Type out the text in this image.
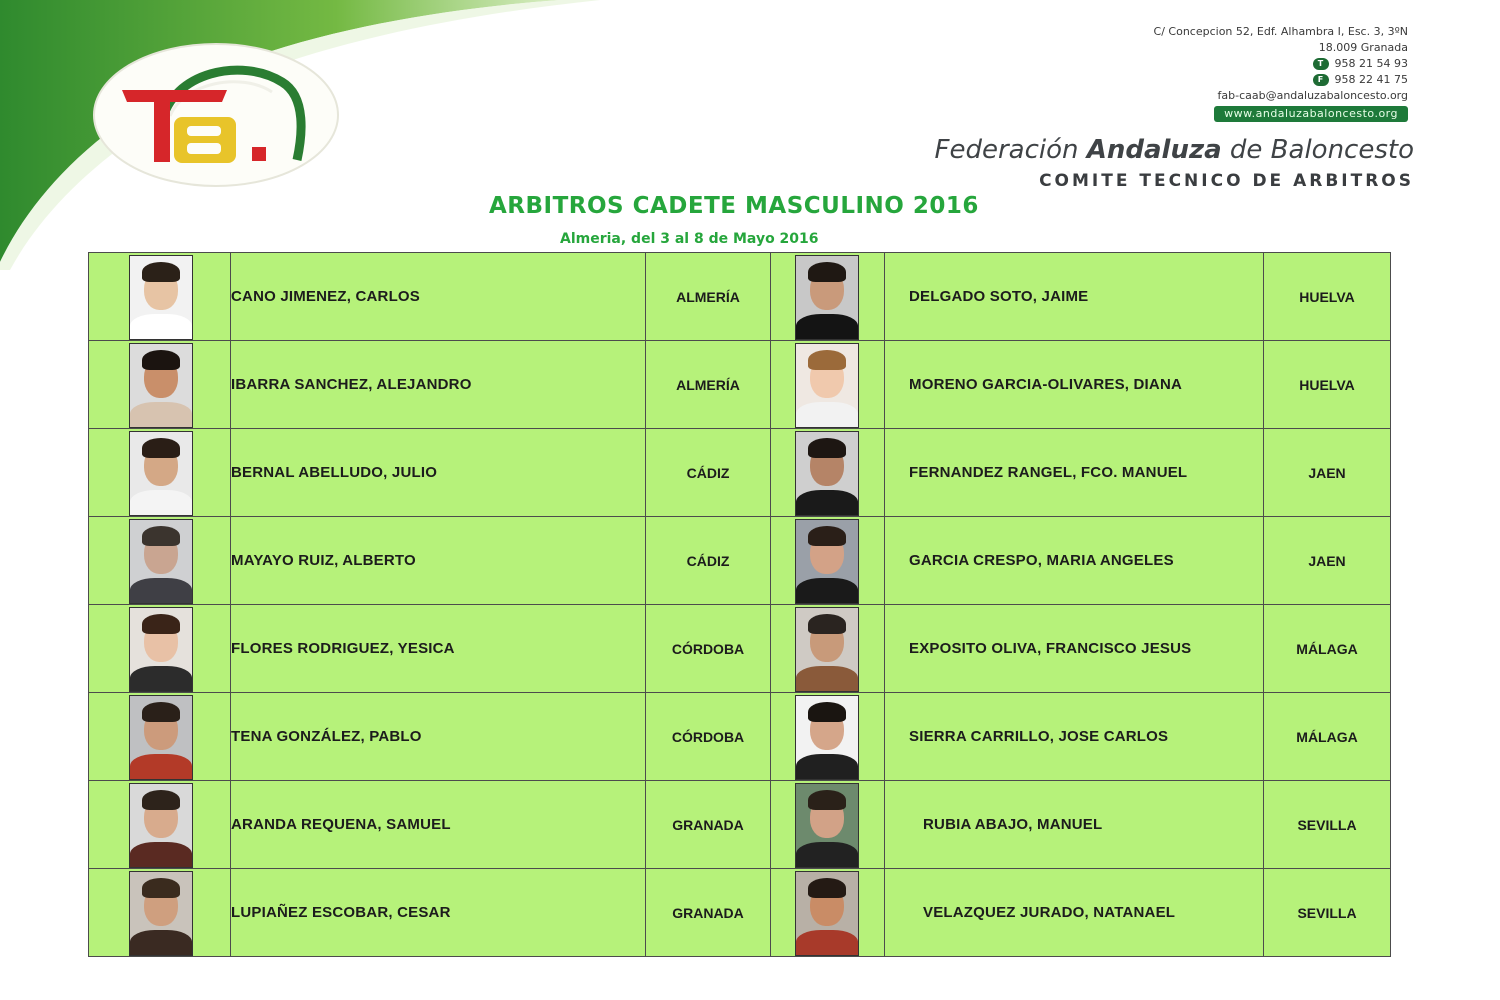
C/ Concepcion 52, Edf. Alhambra I, Esc. 3, 3ºN
18.009 Granada
T	958 21 54 93
F	958 22 41 75
fab-caab@andaluzabaloncesto.org
www.andaluzabaloncesto.org
Federación Andaluza de Baloncesto
COMITE TECNICO DE ARBITROS
ARBITROS CADETE MASCULINO 2016
Almeria, del 3 al 8 de Mayo 2016
	CANO JIMENEZ, CARLOS	ALMERÍA		DELGADO SOTO, JAIME	HUELVA

	IBARRA SANCHEZ, ALEJANDRO	ALMERÍA		MORENO GARCIA-OLIVARES, DIANA	HUELVA

	BERNAL ABELLUDO, JULIO	CÁDIZ		FERNANDEZ RANGEL, FCO. MANUEL	JAEN

	MAYAYO RUIZ, ALBERTO	CÁDIZ		GARCIA CRESPO, MARIA ANGELES	JAEN

	FLORES RODRIGUEZ, YESICA	CÓRDOBA		EXPOSITO OLIVA, FRANCISCO JESUS	MÁLAGA

	TENA GONZÁLEZ, PABLO	CÓRDOBA		SIERRA CARRILLO, JOSE CARLOS	MÁLAGA

	ARANDA REQUENA, SAMUEL	GRANADA		RUBIA ABAJO, MANUEL	SEVILLA

	LUPIAÑEZ ESCOBAR, CESAR	GRANADA		VELAZQUEZ JURADO, NATANAEL	SEVILLA
